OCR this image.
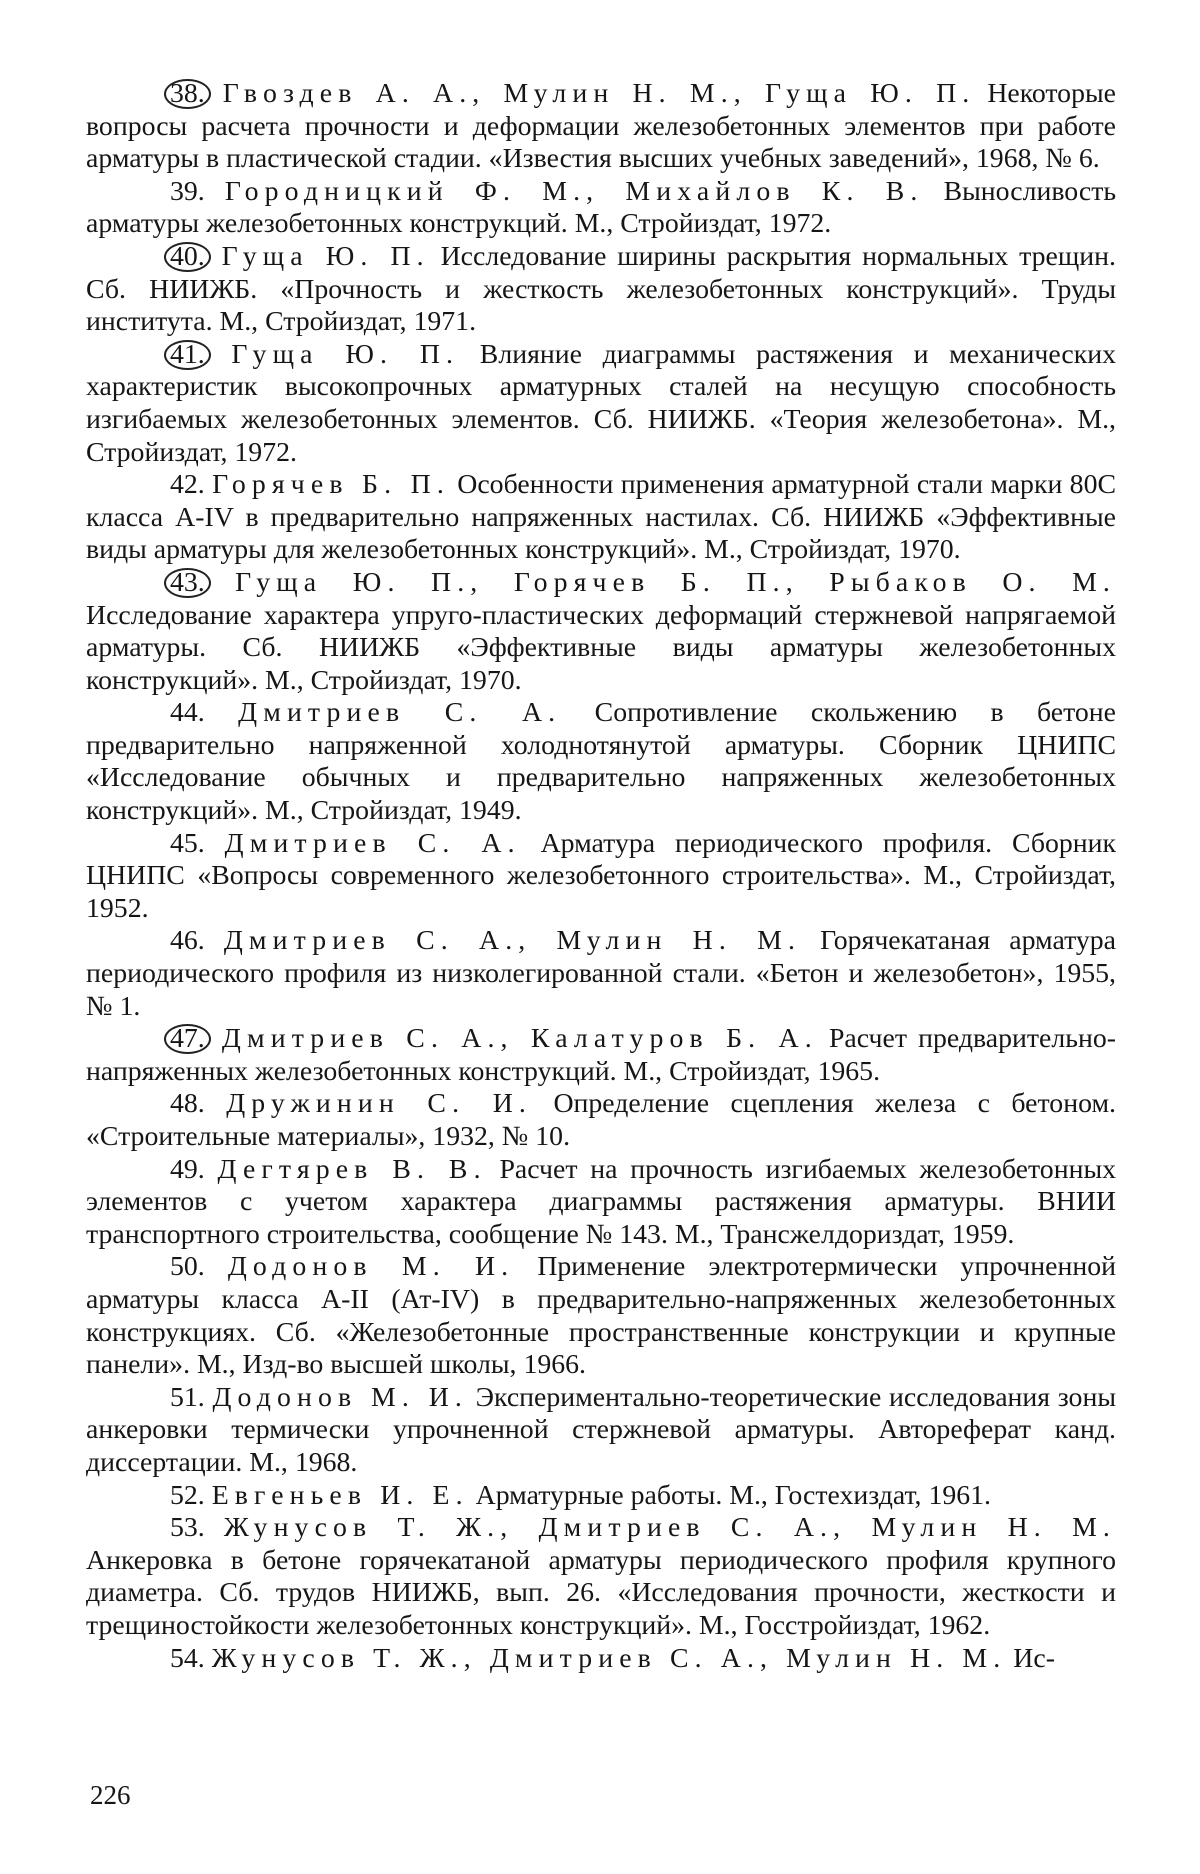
38. Гвоздев А. А., Мулин Н. М., Гуща Ю. П. Некоторые вопросы расчета прочности и деформации железобетонных элементов при работе арматуры в пластической стадии. «Известия высших учебных заведений», 1968, № 6.

39. Городницкий Ф. М., Михайлов К. В. Выносливость арматуры железобетонных конструкций. М., Стройиздат, 1972.

40. Гуща Ю. П. Исследование ширины раскрытия нормальных трещин. Сб. НИИЖБ. «Прочность и жесткость железобетонных конструкций». Труды института. М., Стройиздат, 1971.

41. Гуща Ю. П. Влияние диаграммы растяжения и механических характеристик высокопрочных арматурных сталей на несущую способность изгибаемых железобетонных элементов. Сб. НИИЖБ. «Теория железобетона». М., Стройиздат, 1972.

42. Горячев Б. П. Особенности применения арматурной стали марки 80С класса А-IV в предварительно напряженных настилах. Сб. НИИЖБ «Эффективные виды арматуры для железобетонных конструкций». М., Стройиздат, 1970.

43. Гуща Ю. П., Горячев Б. П., Рыбаков О. М. Исследование характера упруго-пластических деформаций стержневой напрягаемой арматуры. Сб. НИИЖБ «Эффективные виды арматуры железобетонных конструкций». М., Стройиздат, 1970.

44. Дмитриев С. А. Сопротивление скольжению в бетоне предварительно напряженной холоднотянутой арматуры. Сборник ЦНИПС «Исследование обычных и предварительно напряженных железобетонных конструкций». М., Стройиздат, 1949.

45. Дмитриев С. А. Арматура периодического профиля. Сборник ЦНИПС «Вопросы современного железобетонного строительства». М., Стройиздат, 1952.

46. Дмитриев С. А., Мулин Н. М. Горячекатаная арматура периодического профиля из низколегированной стали. «Бетон и железобетон», 1955, № 1.

47. Дмитриев С. А., Калатуров Б. А. Расчет предварительно-напряженных железобетонных конструкций. М., Стройиздат, 1965.

48. Дружинин С. И. Определение сцепления железа с бетоном. «Строительные материалы», 1932, № 10.

49. Дегтярев В. В. Расчет на прочность изгибаемых железобетонных элементов с учетом характера диаграммы растяжения арматуры. ВНИИ транспортного строительства, сообщение № 143. М., Трансжелдориздат, 1959.

50. Додонов М. И. Применение электротермически упрочненной арматуры класса А-II (Ат-IV) в предварительно-напряженных железобетонных конструкциях. Сб. «Железобетонные пространственные конструкции и крупные панели». М., Изд-во высшей школы, 1966.

51. Додонов М. И. Экспериментально-теоретические исследования зоны анкеровки термически упрочненной стержневой арматуры. Автореферат канд. диссертации. М., 1968.

52. Евгеньев И. Е. Арматурные работы. М., Гостехиздат, 1961.

53. Жунусов Т. Ж., Дмитриев С. А., Мулин Н. М. Анкеровка в бетоне горячекатаной арматуры периодического профиля крупного диаметра. Сб. трудов НИИЖБ, вып. 26. «Исследования прочности, жесткости и трещиностойкости железобетонных конструкций». М., Госстройиздат, 1962.

54. Жунусов Т. Ж., Дмитриев С. А., Мулин Н. М. Ис-

226
